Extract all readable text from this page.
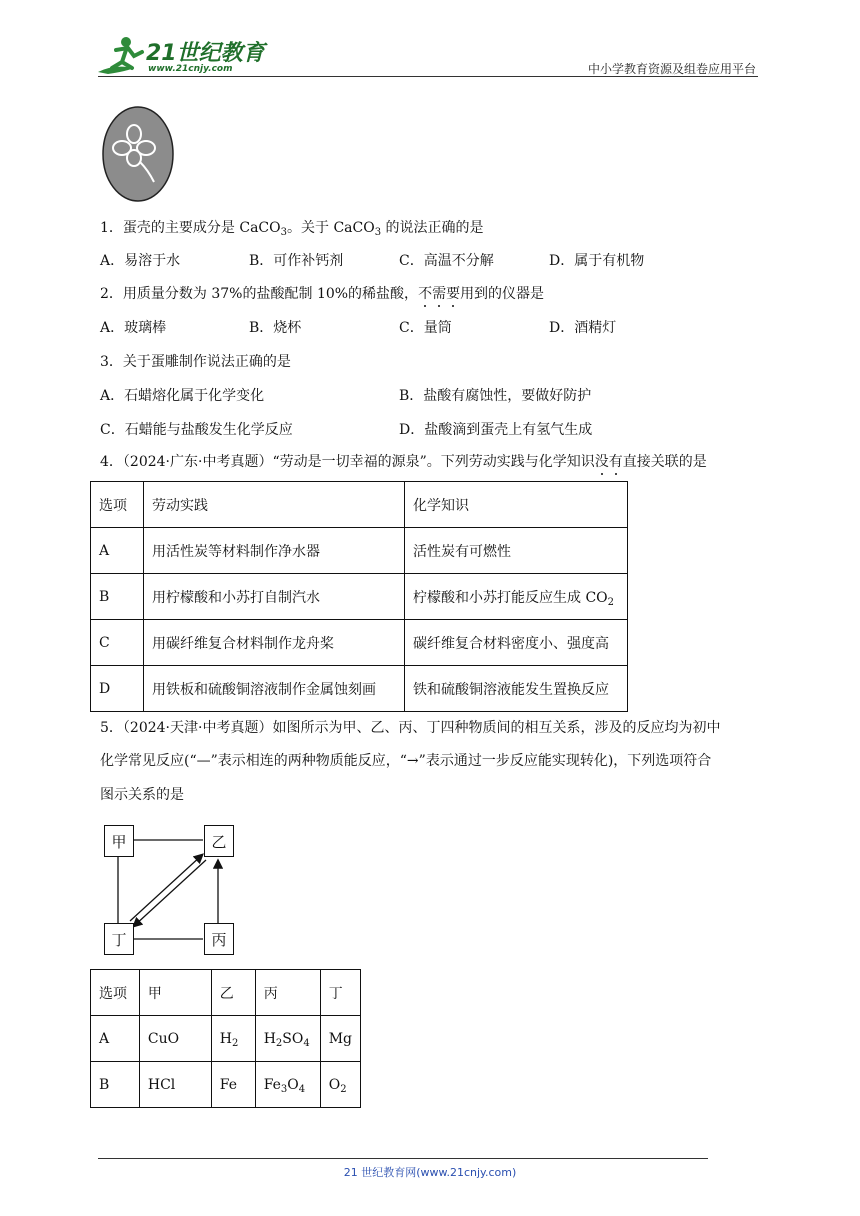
21世纪教育
www.21cnjy.com	中小学教育资源及组卷应用平台
1．蛋壳的主要成分是 CaCO$_3$。关于 CaCO$_3$ 的说法正确的是
A．易溶于水	B．可作补钙剂	C．高温不分解	D．属于有机物
2．用质量分数为 37%的盐酸配制 10%的稀盐酸，不需要用到的仪器是
A．玻璃棒	B．烧杯	C．量筒	D．酒精灯
3．关于蛋雕制作说法正确的是
A．石蜡熔化属于化学变化	B．盐酸有腐蚀性，要做好防护
C．石蜡能与盐酸发生化学反应	D．盐酸滴到蛋壳上有氢气生成
4．（2024·广东·中考真题）“劳动是一切幸福的源泉”。下列劳动实践与化学知识没有直接关联的是
选项	劳动实践	化学知识
A	用活性炭等材料制作净水器	活性炭有可燃性
B	用柠檬酸和小苏打自制汽水	柠檬酸和小苏打能反应生成 $CO_2$
C	用碳纤维复合材料制作龙舟桨	碳纤维复合材料密度小、强度高
D	用铁板和硫酸铜溶液制作金属蚀刻画	铁和硫酸铜溶液能发生置换反应
5．（2024·天津·中考真题）如图所示为甲、乙、丙、丁四种物质间的相互关系，涉及的反应均为初中
化学常见反应(“—”表示相连的两种物质能反应，“→”表示通过一步反应能实现转化)，下列选项符合
图示关系的是
甲	乙
丁	丙
选项	甲	乙	丙	丁
A	CuO	$H_2$	$H_2SO_4$	Mg
B	HCl	Fe	$Fe_3O_4$	$O_2$
21 世纪教育网(www.21cnjy.com)
